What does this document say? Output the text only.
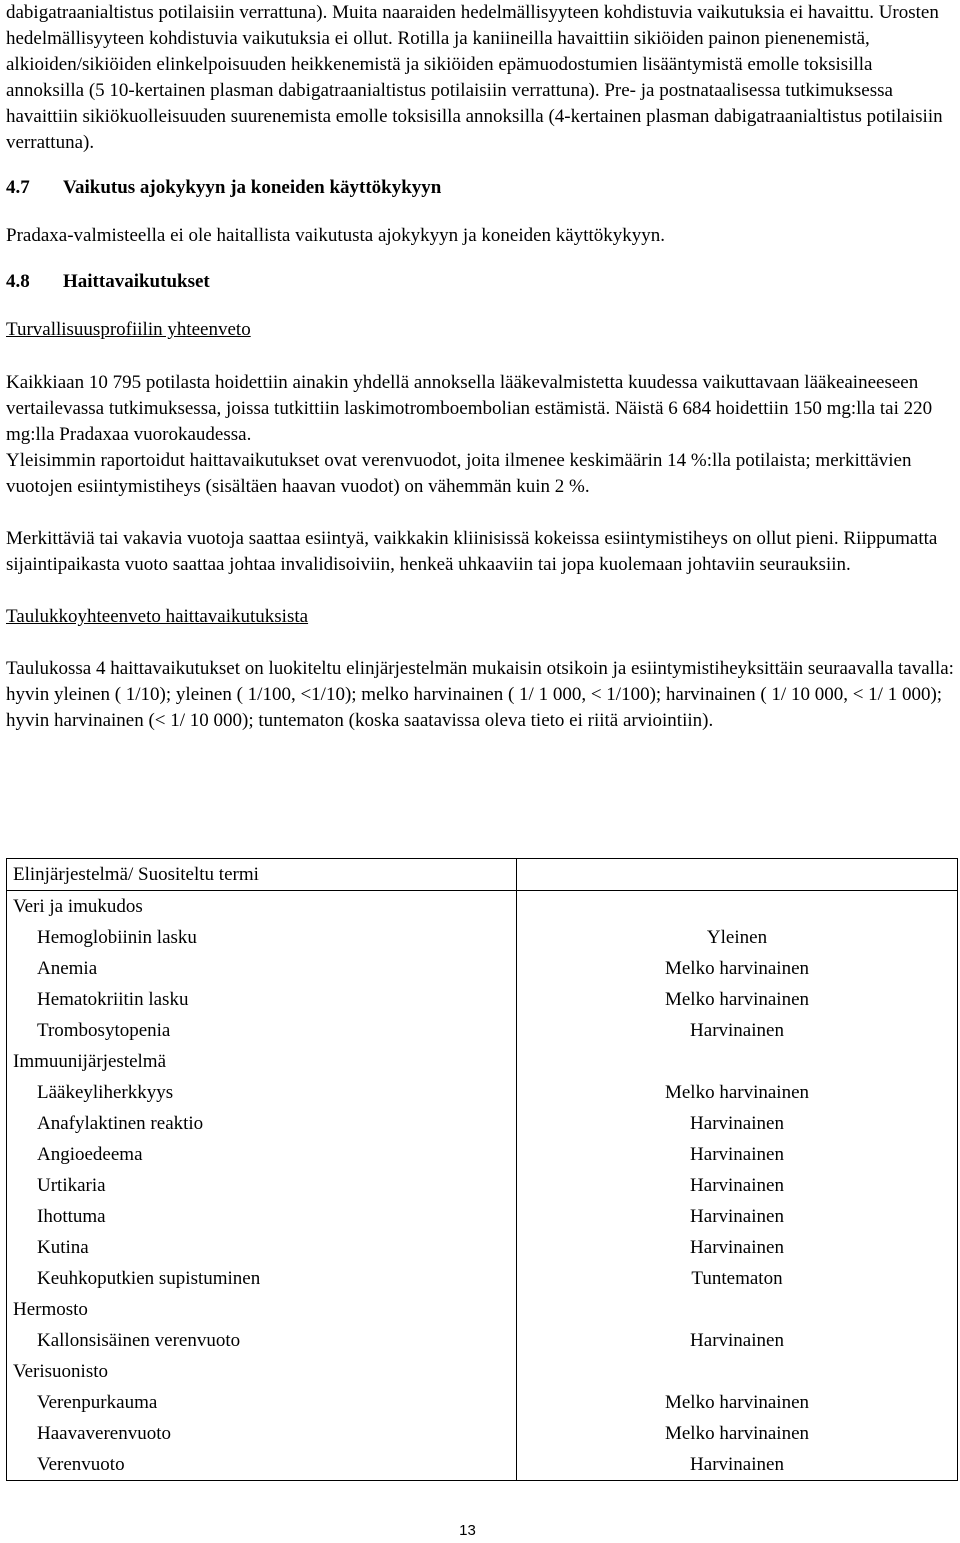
dabigatraanialtistus potilaisiin verrattuna). Muita naaraiden hedelmällisyyteen kohdistuvia vaikutuksia ei havaittu. Urosten hedelmällisyyteen kohdistuvia vaikutuksia ei ollut. Rotilla ja kaniineilla havaittiin sikiöiden painon pienenemistä, alkioiden/sikiöiden elinkelpoisuuden heikkenemistä ja sikiöiden epämuodostumien lisääntymistä emolle toksisilla annoksilla (5 10-kertainen plasman dabigatraanialtistus potilaisiin verrattuna). Pre- ja postnataalisessa tutkimuksessa havaittiin sikiökuolleisuuden suurenemista emolle toksisilla annoksilla (4-kertainen plasman dabigatraanialtistus potilaisiin verrattuna).

4.7	Vaikutus ajokykyyn ja koneiden käyttökykyyn

Pradaxa-valmisteella ei ole haitallista vaikutusta ajokykyyn ja koneiden käyttökykyyn.

4.8	Haittavaikutukset

Turvallisuusprofiilin yhteenveto

Kaikkiaan 10 795 potilasta hoidettiin ainakin yhdellä annoksella lääkevalmistetta kuudessa vaikuttavaan lääkeaineeseen vertailevassa tutkimuksessa, joissa tutkittiin laskimotromboembolian estämistä. Näistä 6 684 hoidettiin 150 mg:lla tai 220 mg:lla Pradaxaa vuorokaudessa.

Yleisimmin raportoidut haittavaikutukset ovat verenvuodot, joita ilmenee keskimäärin 14 %:lla potilaista; merkittävien vuotojen esiintymistiheys (sisältäen haavan vuodot) on vähemmän kuin 2 %.

Merkittäviä tai vakavia vuotoja saattaa esiintyä, vaikkakin kliinisissä kokeissa esiintymistiheys on ollut pieni. Riippumatta sijaintipaikasta vuoto saattaa johtaa invalidisoiviin, henkeä uhkaaviin tai jopa kuolemaan johtaviin seurauksiin.

Taulukkoyhteenveto haittavaikutuksista

Taulukossa 4 haittavaikutukset on luokiteltu elinjärjestelmän mukaisin otsikoin ja esiintymistiheyksittäin seuraavalla tavalla: hyvin yleinen ( 1/10); yleinen ( 1/100, <1/10); melko harvinainen ( 1/ 1 000, < 1/100); harvinainen ( 1/ 10 000, < 1/ 1 000); hyvin harvinainen (< 1/ 10 000); tuntematon (koska saatavissa oleva tieto ei riitä arviointiin).

Elinjärjestelmä/ Suositeltu termi	
Veri ja imukudos	
Hemoglobiinin lasku	Yleinen
Anemia	Melko harvinainen
Hematokriitin lasku	Melko harvinainen
Trombosytopenia	Harvinainen
Immuunijärjestelmä	
Lääkeyliherkkyys	Melko harvinainen
Anafylaktinen reaktio	Harvinainen
Angioedeema	Harvinainen
Urtikaria	Harvinainen
Ihottuma	Harvinainen
Kutina	Harvinainen
Keuhkoputkien supistuminen	Tuntematon
Hermosto	
Kallonsisäinen verenvuoto	Harvinainen
Verisuonisto	
Verenpurkauma	Melko harvinainen
Haavaverenvuoto	Melko harvinainen
Verenvuoto	Harvinainen
13
